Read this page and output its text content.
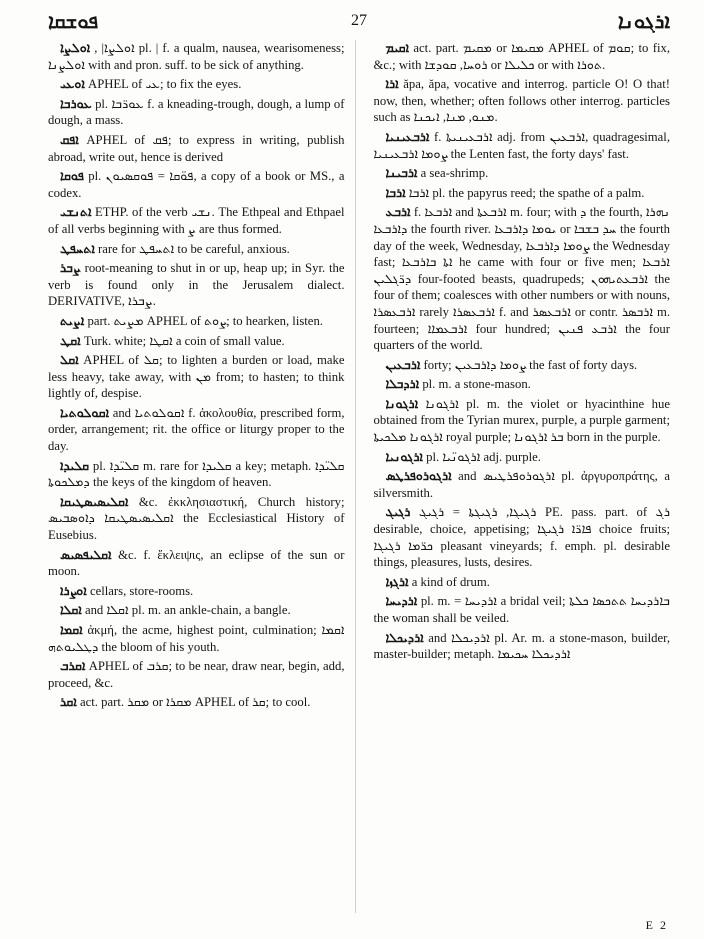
ܦܘܫܩܐ	27	ܐܪܓܘܢܐ

ܐܘܠܨܐ , |ܐܘܠܨܐ pl. | f. a qualm, nausea, wearisomeness; ܐܘܠܨܢܐ with and pron. suff. to be sick of anything.

ܐܘܥܝ APHEL of ܥܝ; to fix the eyes.

ܥܘܪܒܐ pl. ܥܘܪ̈ܒܐ f. a kneading-trough, dough, a lump of dough, a mass.

ܐܦܩ APHEL of ܦܩ; to express in writing, publish abroad, write out, hence is derived

ܦܘܩܐ pl. ܦܘ̈ܩܐ = ܦܘܩܣܝܘܢ, a copy of a book or MS., a codex.

ܐܬܢܫܝ ETHP. of the verb ܢܫܝ. The Ethpeal and Ethpael of all verbs beginning with ܨ are thus formed.

ܐܬܚܦܛ rare for ܐܬܚܦܛ to be careful, anxious.

ܨܒܪ root-meaning to shut in or up, heap up; in Syr. the verb is found only in the Jerusalem dialect. DERIVATIVE, ܨܒܪܐ.

ܐܨܝܬ part. ܡܨܝܬ APHEL of ܨܘܬ; to hearken, listen.

ܐܩܛ Turk. white; ܐܩܛܐ a coin of small value.

ܐܩܠ APHEL of ܩܠ; to lighten a burden or load, make less heavy, take away, with ܡܢ from; to hasten; to think lightly of, despise.

ܐܩܘܠܘܬܝܐ and ܐܩܘܠܘܬܝܐ f. ἀκολουθία, prescribed form, order, arrangement; rit. the office or liturgy proper to the day.

ܩܠܝܕܐ pl. ܩܠܝ̈ܕܐ m. rare for ܩܠܝܕܐ a key; metaph. ܩܠܝ̈ܕܐ ܕܡܠܟܘܬܐ the keys of the kingdom of heaven.

ܐܩܠܝܣܝܣܛܝܩܐ &c. ἐκκλησιαστική, Church history; ܐܩܠܝܣܝܣܛܝܩܐ ܕܐܘܣܒܝܣ the Ecclesiastical History of Eusebius.

ܐܩܠܝܦܣܝܣ &c. f. ἔκλειψις, an eclipse of the sun or moon.

ܐܘܨܪܐ cellars, store-rooms.

ܐܩܠܐ and ܐܩܠܐ pl. m. an ankle-chain, a bangle.

ܐܩܡܐ ἀκμή, the acme, highest point, culmination; ܐܩܡܐ ܕܛܠܝܘܬܗ the bloom of his youth.

ܐܩܪܒ APHEL of ܩܪܒ; to be near, draw near, begin, add, proceed, &c.

ܐܩܪ act. part. ܡܩܪ or ܡܩܪܐ APHEL of ܩܪ; to cool.

ܐܩܝܡ act. part. ܡܩܝܡ or ܡܩܝܡܐ APHEL of ܩܘܡ; to fix, &c.; with ܪܘܚܐ, ܩܘܕܫܐ or ܟܠܝܠܐ or with ܬܘܪܐ.

ܐܪܐ ăpa, ăpa, vocative and interrog. particle O! O that! now, then, whether; often follows other interrog. particles such as ܡܢܘ, ܡܢܐ, ܐܝܟܢܐ.

ܐܪܒܥܝܢܝܐ f. ܐܪܒܥܝܢܝܬܐ adj. from ܐܪܒܥܝܢ, quadragesimal, ܨܘܡܐ ܐܪܒܥܝܢܝܐ the Lenten fast, the forty days' fast.

ܐܪܒܝܢܐ a sea-shrimp.

ܐܪܒܐ ܐܪܒܐ pl. the papyrus reed; the spathe of a palm.

ܐܪܒܥ f. ܐܪܒܥܐ and ܐܪܒܥܬܐ m. four; with ܕ the fourth, ܢܗܪܐ ܕܐܪܒܥܐ the fourth river. ܝܘܡܐ ܕܐܪܒܥܐ or ܚܕ ܒܫܒܐ the fourth day of the week, Wednesday, ܨܘܡܐ ܕܐܪܒܥܐ the Wednesday fast; ܐܬܐ ܒܐܪܒܥܐ he came with four or five men; ܐܪܒܥܐ ܕܪ̈ܓܠܝܢ four-footed beasts, quadrupeds; ܐܪܒܥܬܝܗܘܢ the four of them; coalesces with other numbers or with nouns, ܐܪܒܥܣܪܐ rarely ܐܪܒܥܣܪܐ f. and ܐܪܒܥܣܪ or contr. ܐܪܒܣܪ m. fourteen; ܐܪܒܥܡܐܐ four hundred; ܐܪܒܥ ܦܢܝܢ the four quarters of the world.

ܐܪܒܥܝܢ forty; ܨܘܡܐ ܕܐܪܒܥܝܢ the fast of forty days.

ܐܪܕܒܠܐ pl. m. a stone-mason.

ܐܪܓܘܢܐ ܐܪܓܘܢܐ pl. m. the violet or hyacinthine hue obtained from the Tyrian murex, purple, a purple garment; ܐܪܓܘܢܐ ܡܠܟܝܬܐ royal purple; ܒܪ ܐܪܓܘܢܐ born in the purple.

ܐܪܓܘܢܝܐ pl. ܐܪܓܘܢ̈ܝܐ adj. purple.

ܐܪܓܘܪܘܦܪܛܣ and ܐܪܓܘܪܘܦܪܛܝܣ pl. ἀργυροπράτης, a silversmith.

ܪܓܝܓ ܪܓܝܓܐ, ܪܓܝܓܬܐ = ܪܓܝܓ PE. pass. part. of ܪܓ desirable, choice, appetising; ܦܐܪ̈ܐ ܪܓܝܓܐ choice fruits; ܟܪ̈ܡܐ ܪܓܝܓܐ pleasant vineyards; f. emph. pl. desirable things, pleasures, lusts, desires.

ܐܪܓܙܐ a kind of drum.

ܐܪܕܝܚܐ pl. m. = ܐܪܕܝܚܐ a bridal veil; ܒܐܪܕܝܚܐ ܬܬܟܣܐ ܟܠܬܐ the woman shall be veiled.

ܐܪܕܝܟܠܐ and ܐܪܕܝܟܠܐ pl. Ar. m. a stone-mason, builder, master-builder; metaph. ܐܪܕܝܟܠܐ ܚܟܝܡܐ

E 2
